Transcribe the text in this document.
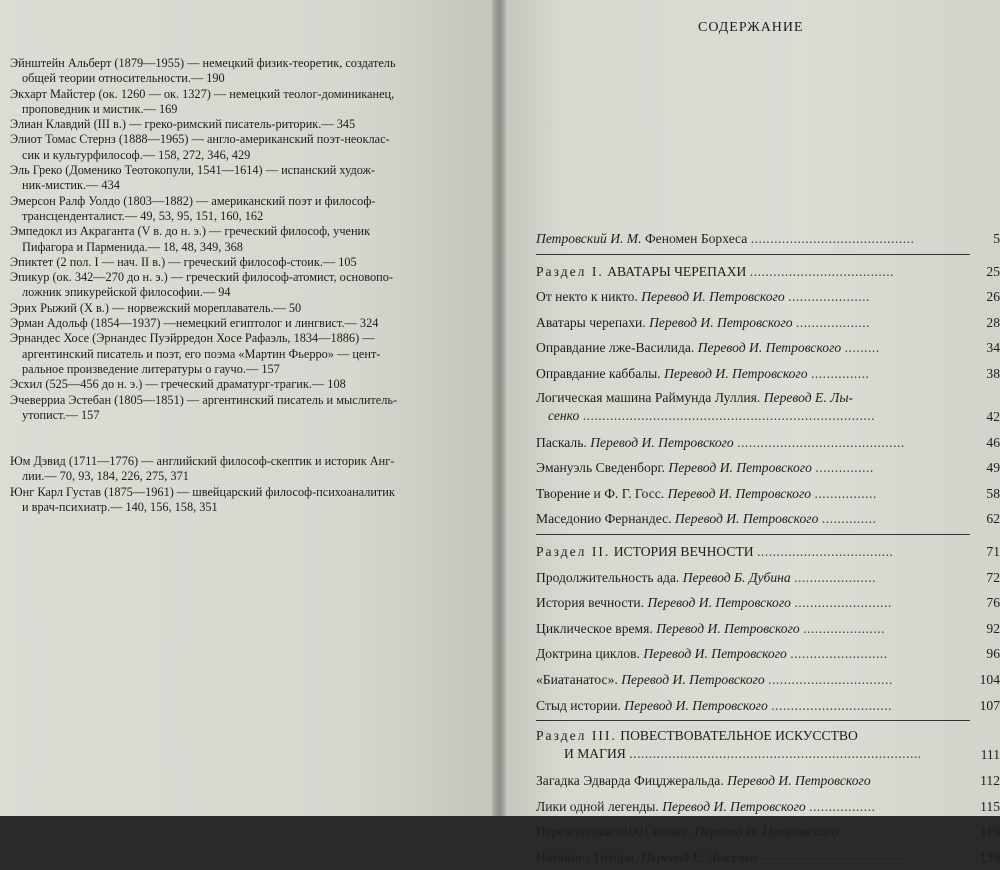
Эйнштейн Альберт (1879—1955) — немецкий физик-теоретик, создатель
общей теории относительности.— 190
Экхарт Майстер (ок. 1260 — ок. 1327) — немецкий теолог-доминиканец,
проповедник и мистик.— 169
Элиан Клавдий (III в.) — греко-римский писатель-риторик.— 345
Элиот Томас Стернз (1888—1965) — англо-американский поэт-неоклас-
сик и культурфилософ.— 158, 272, 346, 429
Эль Греко (Доменико Теотокопули, 1541—1614) — испанский худож-
ник-мистик.— 434
Эмерсон Ралф Уолдо (1803—1882) — американский поэт и философ-
трансценденталист.— 49, 53, 95, 151, 160, 162
Эмпедокл из Акраганта (V в. до н. э.) — греческий философ, ученик
Пифагора и Парменида.— 18, 48, 349, 368
Эпиктет (2 пол. I — нач. II в.) — греческий философ-стоик.— 105
Эпикур (ок. 342—270 до н. э.) — греческий философ-атомист, основопо-
ложник эпикурейской философии.— 94
Эрих Рыжий (X в.) — норвежский мореплаватель.— 50
Эрман Адольф (1854—1937) —немецкий египтолог и лингвист.— 324
Эрнандес Хосе (Эрнандес Пуэйрредон Хосе Рафаэль, 1834—1886) —
аргентинский писатель и поэт, его поэма «Мартин Фьерро» — цент-
ральное произведение литературы о гаучо.— 157
Эсхил (525—456 до н. э.) — греческий драматург-трагик.— 108
Эчеверриа Эстебан (1805—1851) — аргентинский писатель и мыслитель-
утопист.— 157
Юм Дэвид (1711—1776) — английский философ-скептик и историк Анг-
лии.— 70, 93, 184, 226, 275, 371
Юнг Карл Густав (1875—1961) — швейцарский философ-психоаналитик
и врач-психиатр.— 140, 156, 158, 351
СОДЕРЖАНИЕ
Петровский И. М. Феномен Борхеса ..........................................	5
Раздел I. АВАТАРЫ ЧЕРЕПАХИ .....................................	25
От некто к никто. Перевод И. Петровского .....................	26
Аватары черепахи. Перевод И. Петровского ...................	28
Оправдание лже-Василида. Перевод И. Петровского .........	34
Оправдание каббалы. Перевод И. Петровского ...............	38
Логическая машина Раймунда Луллия. Перевод Е. Лы-
сенко ...........................................................................	42
Паскаль. Перевод И. Петровского ...........................................	46
Эмануэль Сведенборг. Перевод И. Петровского ...............	49
Творение и Ф. Г. Госс. Перевод И. Петровского ................	58
Маседонио Фернандес. Перевод И. Петровского ..............	62
Раздел II. ИСТОРИЯ ВЕЧНОСТИ ...................................	71
Продолжительность ада. Перевод Б. Дубина .....................	72
История вечности. Перевод И. Петровского .........................	76
Циклическое время. Перевод И. Петровского .....................	92
Доктрина циклов. Перевод И. Петровского .........................	96
«Биатанатос». Перевод И. Петровского ................................	104
Стыд истории. Перевод И. Петровского ...............................	107
Раздел III. ПОВЕСТВОВАТЕЛЬНОЕ ИСКУССТВО
И МАГИЯ ...........................................................................	111
Загадка Эдварда Фицджеральда. Перевод И. Петровского	112
Лики одной легенды. Перевод И. Петровского .................	115
Переводчики «1001 ночи». Перевод И. Петровского .........	119
Натаниел Готорн. Перевод Е. Лысенко ......................................	139
